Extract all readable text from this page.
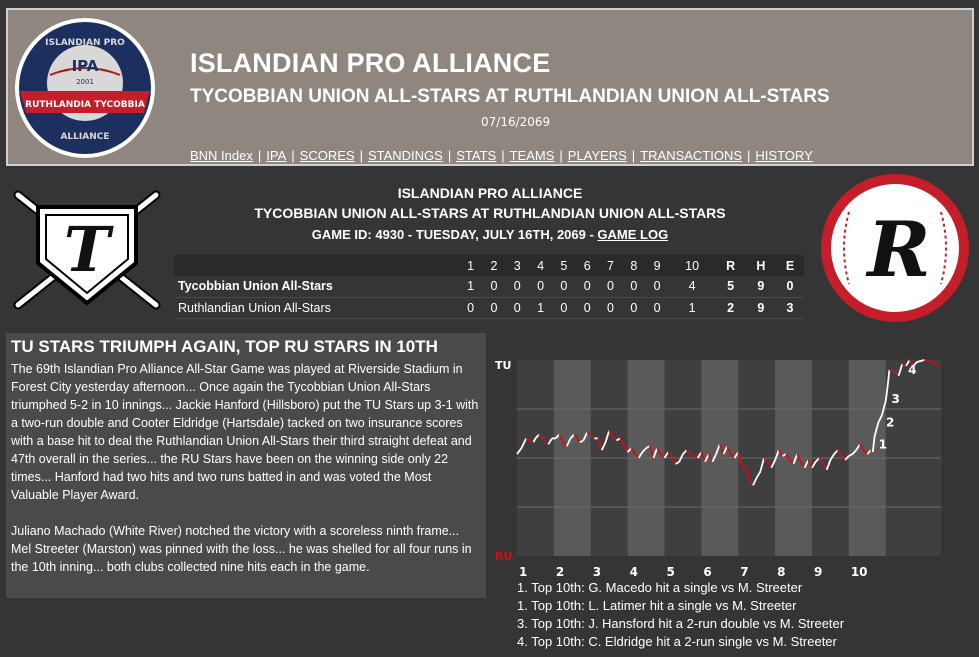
IPA
2001
RUTHLANDIA TYCOBBIA
ISLANDIAN PRO
ALLIANCE
ISLANDIAN PRO ALLIANCE
TYCOBBIAN UNION ALL-STARS AT RUTHLANDIAN UNION ALL-STARS
07/16/2069
BNN Index | IPA | SCORES | STANDINGS | STATS | TEAMS | PLAYERS | TRANSACTIONS | HISTORY
T	R
ISLANDIAN PRO ALLIANCE
TYCOBBIAN UNION ALL-STARS AT RUTHLANDIAN UNION ALL-STARS
GAME ID: 4930 - TUESDAY, JULY 16TH, 2069 - GAME LOG
	1	2	3	4	5	6	7	8	9	10	R	H	E
Tycobbian Union All-Stars	1	0	0	0	0	0	0	0	0	4	5	9	0
Ruthlandian Union All-Stars	0	0	0	1	0	0	0	0	0	1	2	9	3
TU STARS TRIUMPH AGAIN, TOP RU STARS IN 10TH

The 69th Islandian Pro Alliance All-Star Game was played at Riverside Stadium in Forest City yesterday afternoon... Once again the Tycobbian Union All-Stars triumphed 5-2 in 10 innings... Jackie Hanford (Hillsboro) put the TU Stars up 3-1 with a two-run double and Cooter Eldridge (Hartsdale) tacked on two insurance scores with a base hit to deal the Ruthlandian Union All-Stars their third straight defeat and 47th overall in the series... the RU Stars have been on the winning side only 22 times... Hanford had two hits and two runs batted in and was voted the Most Valuable Player Award.

Juliano Machado (White River) notched the victory with a scoreless ninth frame... Mel Streeter (Marston) was pinned with the loss... he was shelled for all four runs in the 10th inning... both clubs collected nine hits each in the game.

1
2
3
4
TU
RU
1 2 3 4 5 6 7 8 9 10
1. Top 10th: G. Macedo hit a single vs M. Streeter
1. Top 10th: L. Latimer hit a single vs M. Streeter
3. Top 10th: J. Hansford hit a 2-run double vs M. Streeter
4. Top 10th: C. Eldridge hit a 2-run single vs M. Streeter
